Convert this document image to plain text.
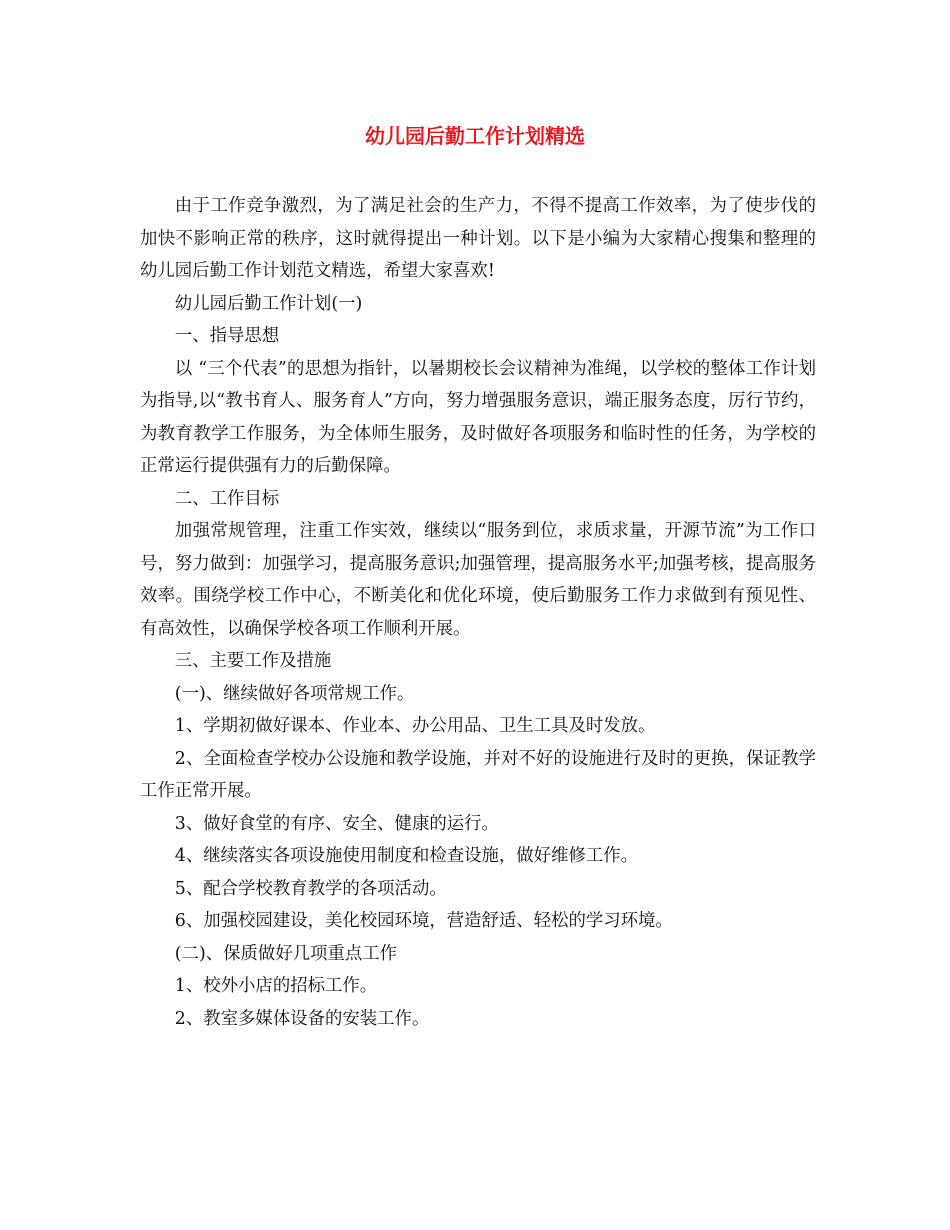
幼儿园后勤工作计划精选

由于工作竞争激烈，为了满足社会的生产力，不得不提高工作效率，为了使步伐的加快不影响正常的秩序，这时就得提出一种计划。以下是小编为大家精心搜集和整理的幼儿园后勤工作计划范文精选，希望大家喜欢!

幼儿园后勤工作计划(一)

一、指导思想

以 “三个代表”的思想为指针，以暑期校长会议精神为准绳，以学校的整体工作计划为指导,以“教书育人、服务育人”方向，努力增强服务意识，端正服务态度，厉行节约，为教育教学工作服务，为全体师生服务，及时做好各项服务和临时性的任务，为学校的正常运行提供强有力的后勤保障。

二、工作目标

加强常规管理，注重工作实效，继续以“服务到位，求质求量，开源节流”为工作口号，努力做到：加强学习，提高服务意识;加强管理，提高服务水平;加强考核，提高服务效率。围绕学校工作中心，不断美化和优化环境，使后勤服务工作力求做到有预见性、有高效性，以确保学校各项工作顺利开展。

三、主要工作及措施

(一)、继续做好各项常规工作。

1、学期初做好课本、作业本、办公用品、卫生工具及时发放。

2、全面检查学校办公设施和教学设施，并对不好的设施进行及时的更换，保证教学工作正常开展。

3、做好食堂的有序、安全、健康的运行。

4、继续落实各项设施使用制度和检查设施，做好维修工作。

5、配合学校教育教学的各项活动。

6、加强校园建设，美化校园环境，营造舒适、轻松的学习环境。

(二)、保质做好几项重点工作

1、校外小店的招标工作。

2、教室多媒体设备的安装工作。
